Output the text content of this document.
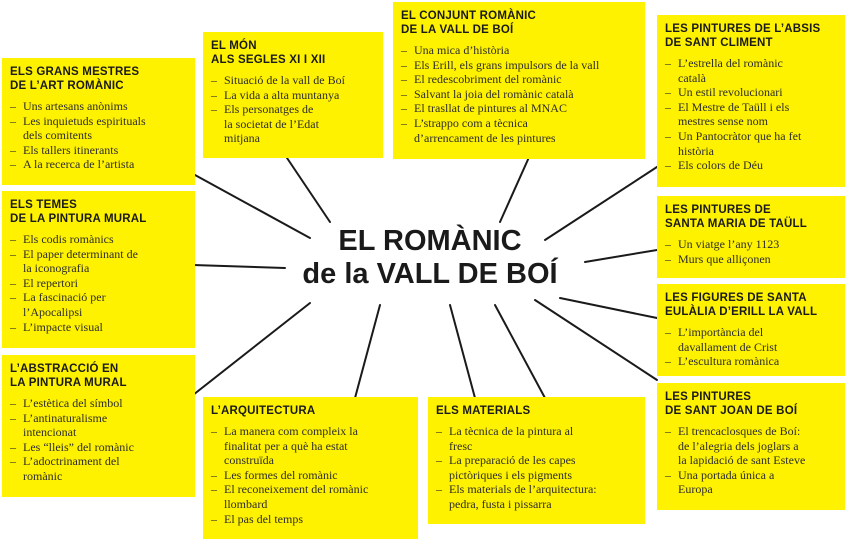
EL ROMÀNIC
de la VALL DE BOÍ
ELS GRANS MESTRES
DE L’ART ROMÀNIC
– Uns artesans anònims
– Les inquietuds espirituals
dels comitents
– Els tallers itinerants
– A la recerca de l’artista
EL MÓN
ALS SEGLES XI I XII
– Situació de la vall de Boí
– La vida a alta muntanya
– Els personatges de
la societat de l’Edat
mitjana
EL CONJUNT ROMÀNIC
DE LA VALL DE BOÍ
– Una mica d’història
– Els Erill, els grans impulsors de la vall
– El redescobriment del romànic
– Salvant la joia del romànic català
– El trasllat de pintures al MNAC
– L’strappo com a tècnica
d’arrencament de les pintures
LES PINTURES DE L’ABSIS
DE SANT CLIMENT
– L’estrella del romànic
català
– Un estil revolucionari
– El Mestre de Taüll i els
mestres sense nom
– Un Pantocràtor que ha fet
història
– Els colors de Déu
ELS TEMES
DE LA PINTURA MURAL
– Els codis romànics
– El paper determinant de
la iconografia
– El repertori
– La fascinació per
l’Apocalipsi
– L’impacte visual
LES PINTURES DE
SANTA MARIA DE TAÜLL
– Un viatge l’any 1123
– Murs que alliçonen
LES FIGURES DE SANTA
EULÀLIA D’ERILL LA VALL
– L’importància del
davallament de Crist
– L’escultura romànica
L’ABSTRACCIÓ EN
LA PINTURA MURAL
– L’estètica del símbol
– L’antinaturalisme
intencionat
– Les “lleis” del romànic
– L’adoctrinament del
romànic
L’ARQUITECTURA
– La manera com compleix la
finalitat per a què ha estat
construïda
– Les formes del romànic
– El reconeixement del romànic
llombard
– El pas del temps
ELS MATERIALS
– La tècnica de la pintura al
fresc
– La preparació de les capes
pictòriques i els pigments
– Els materials de l’arquitectura:
pedra, fusta i pissarra
LES PINTURES
DE SANT JOAN DE BOÍ
– El trencaclosques de Boí:
de l’alegria dels joglars a
la lapidació de sant Esteve
– Una portada única a
Europa
